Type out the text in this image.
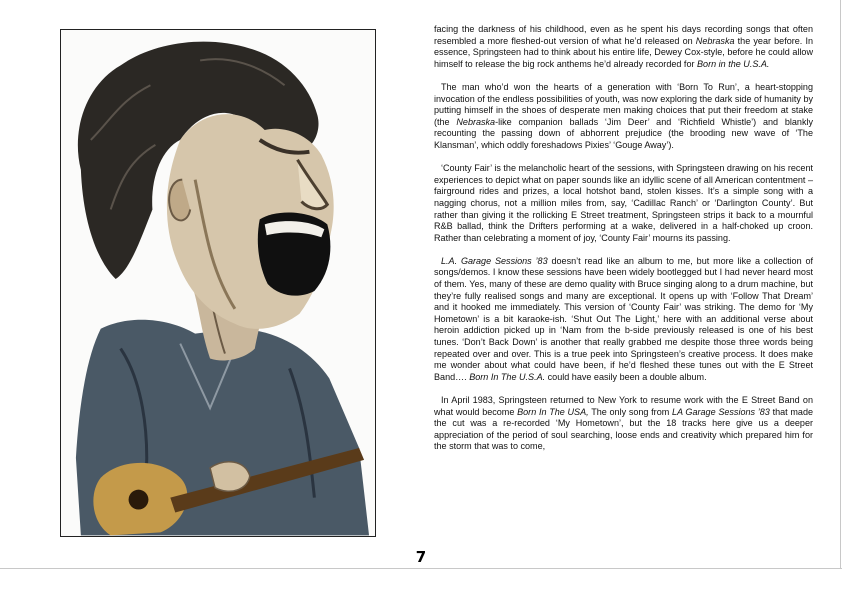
facing the darkness of his childhood, even as he spent his days recording songs that often resembled a more fleshed-out version of what he’d released on Nebraska the year before. In essence, Springsteen had to think about his entire life, Dewey Cox-style, before he could allow himself to release the big rock anthems he’d already recorded for Born in the U.S.A.

The man who’d won the hearts of a generation with ‘Born To Run’, a heart-stopping invocation of the endless possibilities of youth, was now exploring the dark side of humanity by putting himself in the shoes of desperate men making choices that put their freedom at stake (the Nebraska-like companion ballads ‘Jim Deer’ and ‘Richfield Whistle’) and blankly recounting the passing down of abhorrent prejudice (the brooding new wave of ‘The Klansman’, which oddly foreshadows Pixies’ ‘Gouge Away’).

‘County Fair’ is the melancholic heart of the sessions, with Springsteen drawing on his recent experiences to depict what on paper sounds like an idyllic scene of all American contentment – fairground rides and prizes, a local hotshot band, stolen kisses. It’s a simple song with a nagging chorus, not a million miles from, say, ‘Cadillac Ranch’ or ‘Darlington County’. But rather than giving it the rollicking E Street treatment, Springsteen strips it back to a mournful R&B ballad, think the Drifters performing at a wake, delivered in a half-choked up croon. Rather than celebrating a moment of joy, ‘County Fair’ mourns its passing.

L.A. Garage Sessions ’83 doesn’t read like an album to me, but more like a collection of songs/demos. I know these sessions have been widely bootlegged but I had never heard most of them. Yes, many of these are demo quality with Bruce singing along to a drum machine, but they’re fully realised songs and many are exceptional. It opens up with ‘Follow That Dream’ and it hooked me immediately. This version of ‘County Fair’ was striking. The demo for ‘My Hometown’ is a bit karaoke-ish. ‘Shut Out The Light,’ here with an additional verse about heroin addiction picked up in ‘Nam from the b-side previously released is one of his best tunes. ‘Don’t Back Down’ is another that really grabbed me despite those three words being repeated over and over. This is a true peek into Springsteen’s creative process. It does make me wonder about what could have been, if he’d fleshed these tunes out with the E Street Band…. Born In The U.S.A. could have easily been a double album.

In April 1983, Springsteen returned to New York to resume work with the E Street Band on what would become Born In The USA, The only song from LA Garage Sessions ’83 that made the cut was a re-recorded ‘My Hometown’, but the 18 tracks here give us a deeper appreciation of the period of soul searching, loose ends and creativity which prepared him for the storm that was to come,

7
